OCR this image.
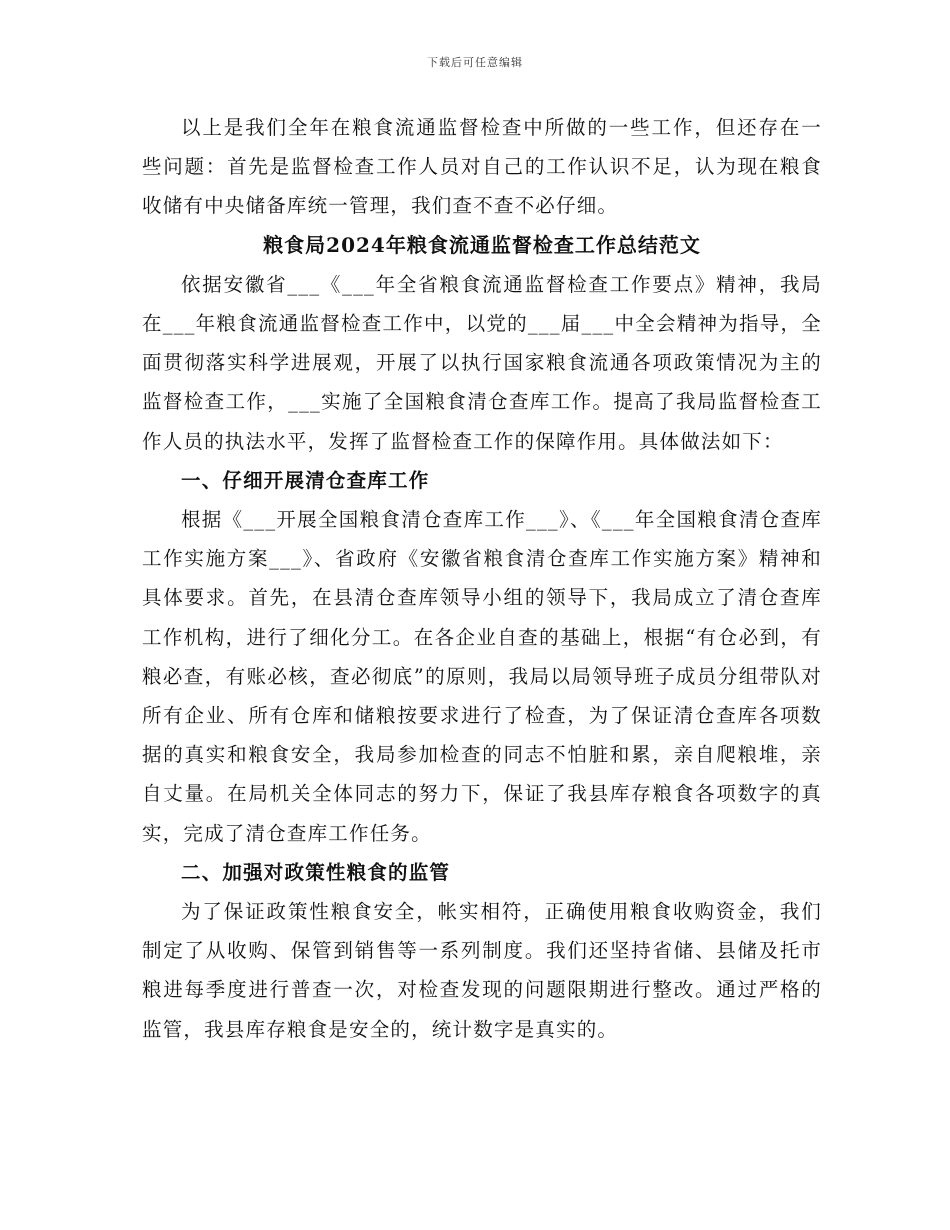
下载后可任意编辑

以上是我们全年在粮食流通监督检查中所做的一些工作，但还存在一些问题：首先是监督检查工作人员对自己的工作认识不足，认为现在粮食收储有中央储备库统一管理，我们查不查不必仔细。

粮食局2024年粮食流通监督检查工作总结范文

依据安徽省___《___年全省粮食流通监督检查工作要点》精神，我局在___年粮食流通监督检查工作中，以党的___届___中全会精神为指导，全面贯彻落实科学进展观，开展了以执行国家粮食流通各项政策情况为主的监督检查工作，___实施了全国粮食清仓查库工作。提高了我局监督检查工作人员的执法水平，发挥了监督检查工作的保障作用。具体做法如下：

一、仔细开展清仓查库工作

根据《___开展全国粮食清仓查库工作___》、《___年全国粮食清仓查库工作实施方案___》、省政府《安徽省粮食清仓查库工作实施方案》精神和具体要求。首先，在县清仓查库领导小组的领导下，我局成立了清仓查库工作机构，进行了细化分工。在各企业自查的基础上，根据“有仓必到，有粮必查，有账必核，查必彻底”的原则，我局以局领导班子成员分组带队对所有企业、所有仓库和储粮按要求进行了检查，为了保证清仓查库各项数据的真实和粮食安全，我局参加检查的同志不怕脏和累，亲自爬粮堆，亲自丈量。在局机关全体同志的努力下，保证了我县库存粮食各项数字的真实，完成了清仓查库工作任务。

二、加强对政策性粮食的监管

为了保证政策性粮食安全，帐实相符，正确使用粮食收购资金，我们制定了从收购、保管到销售等一系列制度。我们还坚持省储、县储及托市粮进每季度进行普查一次，对检查发现的问题限期进行整改。通过严格的监管，我县库存粮食是安全的，统计数字是真实的。
